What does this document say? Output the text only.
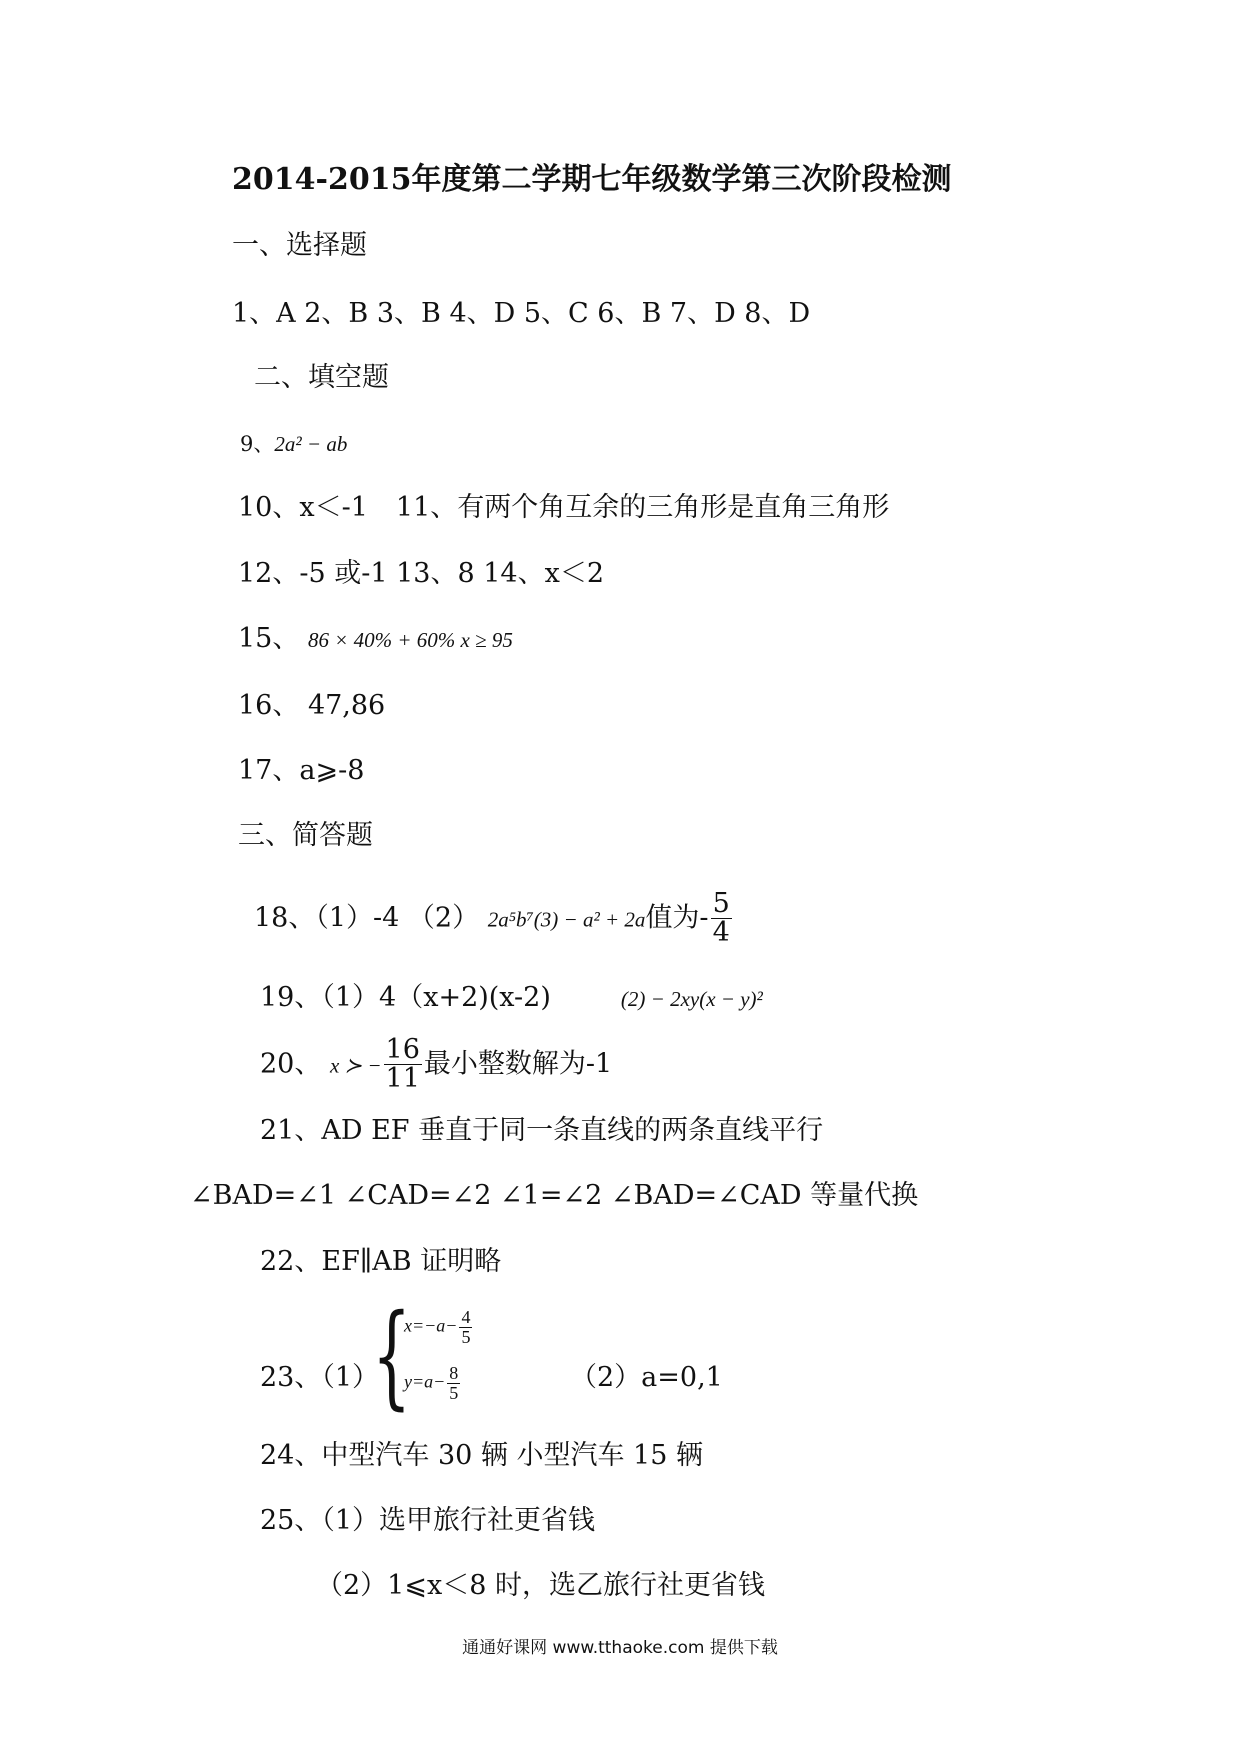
2014-2015年度第二学期七年级数学第三次阶段检测
一、选择题
1、A 2、B 3、B 4、D 5、C 6、B 7、D 8、D
二、填空题
9、2a² − ab
10、x＜-1 11、有两个角互余的三角形是直角三角形
12、-5 或-1 13、8 14、x＜2
15、 86 × 40% + 60% x ≥ 95
16、 47,86
17、a⩾-8
三、简答题
18、（1）-4 （2） 2a⁵b⁷(3) − a² + 2a值为- $\frac{5}{4}$
19、（1）4（x+2)(x-2)	(2) − 2xy(x − y)²
20、 x ≻ − $\frac{16}{11}$ 最小整数解为-1
21、AD EF 垂直于同一条直线的两条直线平行
∠BAD=∠1 ∠CAD=∠2 ∠1=∠2 ∠BAD=∠CAD 等量代换
22、EF∥AB 证明略
23、（1）
{
$x=-a- \frac{4}{5}$
$y=a- \frac{8}{5}$	（2）a=0,1
24、中型汽车 30 辆 小型汽车 15 辆
25、（1）选甲旅行社更省钱
（2）1⩽x＜8 时，选乙旅行社更省钱
通通好课网 www.tthaoke.com 提供下载
